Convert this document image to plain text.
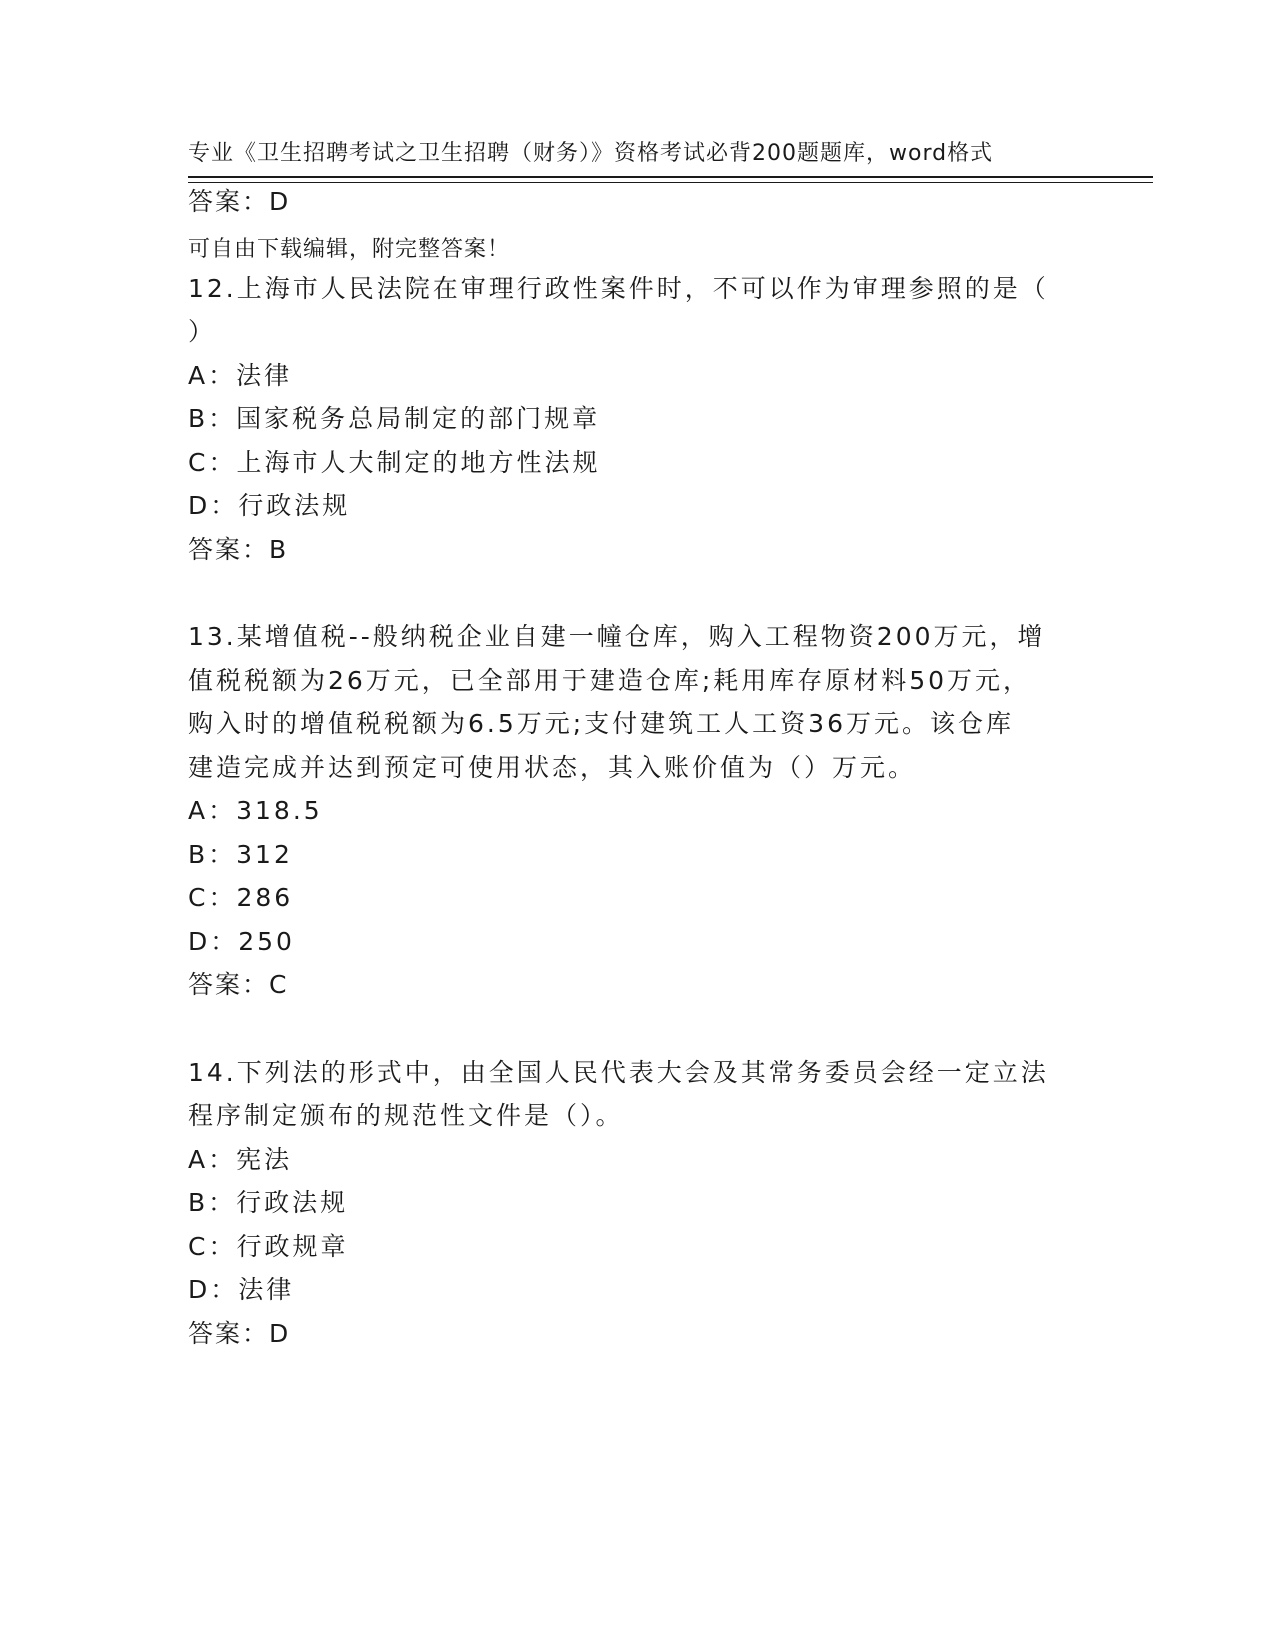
专业《卫生招聘考试之卫生招聘（财务）》资格考试必背200题题库，word格式

可自由下载编辑，附完整答案！

答案：D
12.上海市人民法院在审理行政性案件时，不可以作为审理参照的是（
）
A：法律
B：国家税务总局制定的部门规章
C：上海市人大制定的地方性法规
D：行政法规
答案：B
13.某增值税--般纳税企业自建一幢仓库，购入工程物资200万元，增
值税税额为26万元，已全部用于建造仓库;耗用库存原材料50万元，
购入时的增值税税额为6.5万元;支付建筑工人工资36万元。该仓库
建造完成并达到预定可使用状态，其入账价值为（）万元。
A：318.5
B：312
C：286
D：250
答案：C
14.下列法的形式中，由全国人民代表大会及其常务委员会经一定立法
程序制定颁布的规范性文件是（）。
A：宪法
B：行政法规
C：行政规章
D：法律
答案：D
